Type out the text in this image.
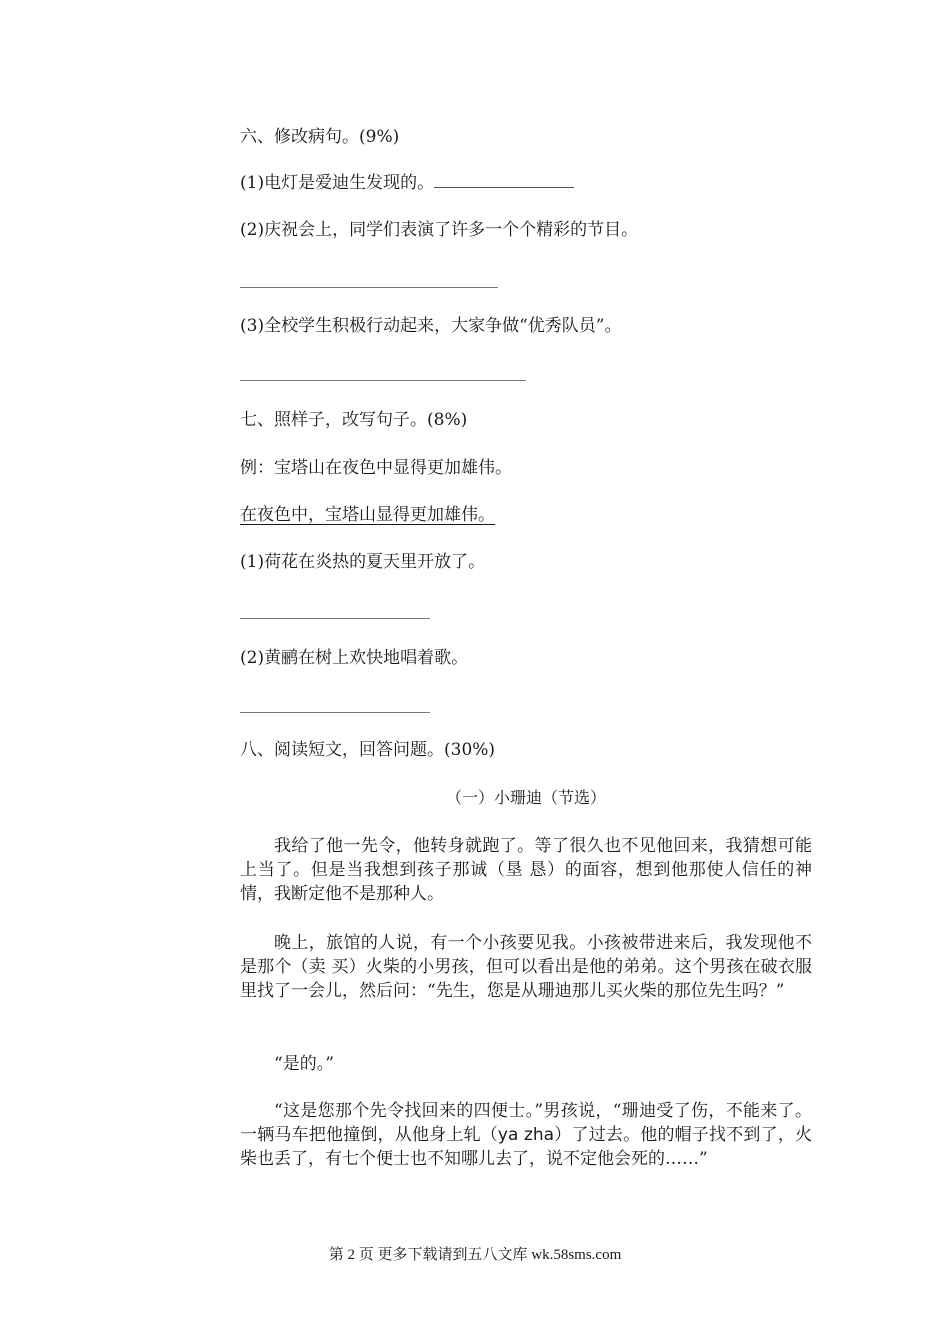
六、修改病句。(9%)
(1)电灯是爱迪生发现的。
(2)庆祝会上，同学们表演了许多一个个精彩的节目。
(3)全校学生积极行动起来，大家争做“优秀队员”。
七、照样子，改写句子。(8%)
例：宝塔山在夜色中显得更加雄伟。
在夜色中，宝塔山显得更加雄伟。
(1)荷花在炎热的夏天里开放了。
(2)黄鹂在树上欢快地唱着歌。
八、阅读短文，回答问题。(30%)
（一）小珊迪（节选）
我给了他一先令，他转身就跑了。等了很久也不见他回来，我猜想可能上当了。但是当我想到孩子那诚（垦 恳）的面容，想到他那使人信任的神情，我断定他不是那种人。
晚上，旅馆的人说，有一个小孩要见我。小孩被带进来后，我发现他不是那个（卖 买）火柴的小男孩，但可以看出是他的弟弟。这个男孩在破衣服里找了一会儿，然后问：“先生，您是从珊迪那儿买火柴的那位先生吗？”
“是的。”
“这是您那个先令找回来的四便士。”男孩说，“珊迪受了伤，不能来了。一辆马车把他撞倒，从他身上轧（ya zha）了过去。他的帽子找不到了，火柴也丢了，有七个便士也不知哪儿去了，说不定他会死的……”
第 2 页 更多下载请到五八文库 wk.58sms.com
